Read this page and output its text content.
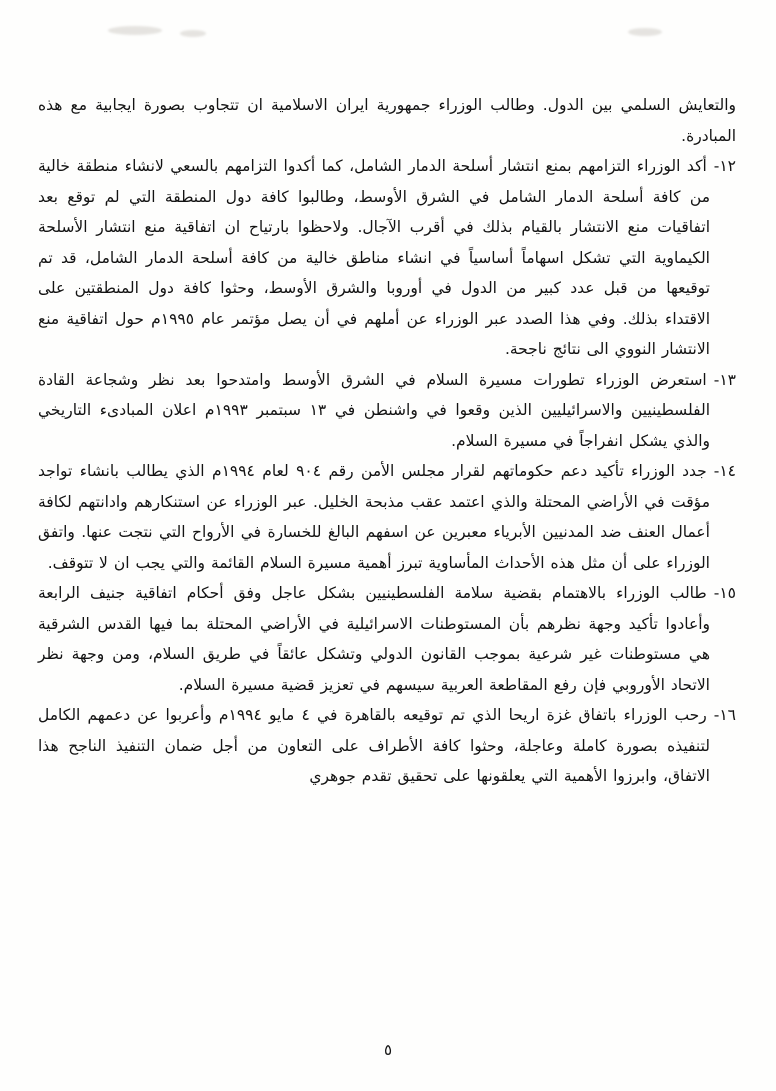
والتعايش السلمي بين الدول. وطالب الوزراء جمهورية ايران الاسلامية ان تتجاوب بصورة ايجابية مع هذه المبادرة.

١٢-أكد الوزراء التزامهم بمنع انتشار أسلحة الدمار الشامل، كما أكدوا التزامهم بالسعي لانشاء منطقة خالية من كافة أسلحة الدمار الشامل في الشرق الأوسط، وطالبوا كافة دول المنطقة التي لم توقع بعد اتفاقيات منع الانتشار بالقيام بذلك في أقرب الآجال. ولاحظوا بارتياح ان اتفاقية منع انتشار الأسلحة الكيماوية التي تشكل اسهاماً أساسياً في انشاء مناطق خالية من كافة أسلحة الدمار الشامل، قد تم توقيعها من قبل عدد كبير من الدول في أوروبا والشرق الأوسط، وحثوا كافة دول المنطقتين على الاقتداء بذلك. وفي هذا الصدد عبر الوزراء عن أملهم في أن يصل مؤتمر عام ١٩٩٥م حول اتفاقية منع الانتشار النووي الى نتائج ناجحة.

١٣-استعرض الوزراء تطورات مسيرة السلام في الشرق الأوسط وامتدحوا بعد نظر وشجاعة القادة الفلسطينيين والاسرائيليين الذين وقعوا في واشنطن في ١٣ سبتمبر ١٩٩٣م اعلان المبادىء التاريخي والذي يشكل انفراجاً في مسيرة السلام.

١٤-جدد الوزراء تأكيد دعم حكوماتهم لقرار مجلس الأمن رقم ٩٠٤ لعام ١٩٩٤م الذي يطالب بانشاء تواجد مؤقت في الأراضي المحتلة والذي اعتمد عقب مذبحة الخليل. عبر الوزراء عن استنكارهم وادانتهم لكافة أعمال العنف ضد المدنيين الأبرياء معبرين عن اسفهم البالغ للخسارة في الأرواح التي نتجت عنها. واتفق الوزراء على أن مثل هذه الأحداث المأساوية تبرز أهمية مسيرة السلام القائمة والتي يجب ان لا تتوقف.

١٥-طالب الوزراء بالاهتمام بقضية سلامة الفلسطينيين بشكل عاجل وفق أحكام اتفاقية جنيف الرابعة وأعادوا تأكيد وجهة نظرهم بأن المستوطنات الاسرائيلية في الأراضي المحتلة بما فيها القدس الشرقية هي مستوطنات غير شرعية بموجب القانون الدولي وتشكل عائقاً في طريق السلام، ومن وجهة نظر الاتحاد الأوروبي فإن رفع المقاطعة العربية سيسهم في تعزيز قضية مسيرة السلام.

١٦-رحب الوزراء باتفاق غزة اريحا الذي تم توقيعه بالقاهرة في ٤ مايو ١٩٩٤م وأعربوا عن دعمهم الكامل لتنفيذه بصورة كاملة وعاجلة، وحثوا كافة الأطراف على التعاون من أجل ضمان التنفيذ الناجح هذا الاتفاق، وابرزوا الأهمية التي يعلقونها على تحقيق تقدم جوهري

٥
